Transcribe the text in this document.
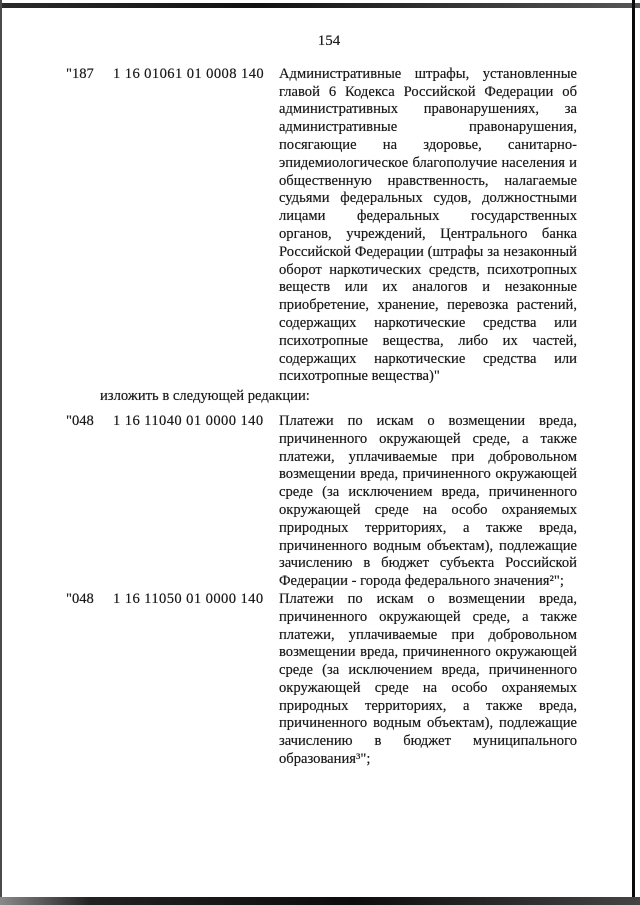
154
"187	1 16 01061 01 0008 140	Административные штрафы, установленные главой 6 Кодекса Российской Федерации об административных правонарушениях, за административные правонарушения, посягающие на здоровье, санитарно-эпидемиологическое благополучие населения и общественную нравственность, налагаемые судьями федеральных судов, должностными лицами федеральных государственных органов, учреждений, Центрального банка Российской Федерации (штрафы за незаконный оборот наркотических средств, психотропных веществ или их аналогов и незаконные приобретение, хранение, перевозка растений, содержащих наркотические средства или психотропные вещества, либо их частей, содержащих наркотические средства или психотропные вещества)"
изложить в следующей редакции:
"048	1 16 11040 01 0000 140	Платежи по искам о возмещении вреда, причиненного окружающей среде, а также платежи, уплачиваемые при добровольном возмещении вреда, причиненного окружающей среде (за исключением вреда, причиненного окружающей среде на особо охраняемых природных территориях, а также вреда, причиненного водным объектам), подлежащие зачислению в бюджет субъекта Российской Федерации - города федерального значения²";
"048	1 16 11050 01 0000 140	Платежи по искам о возмещении вреда, причиненного окружающей среде, а также платежи, уплачиваемые при добровольном возмещении вреда, причиненного окружающей среде (за исключением вреда, причиненного окружающей среде на особо охраняемых природных территориях, а также вреда, причиненного водным объектам), подлежащие зачислению в бюджет муниципального образования³";
